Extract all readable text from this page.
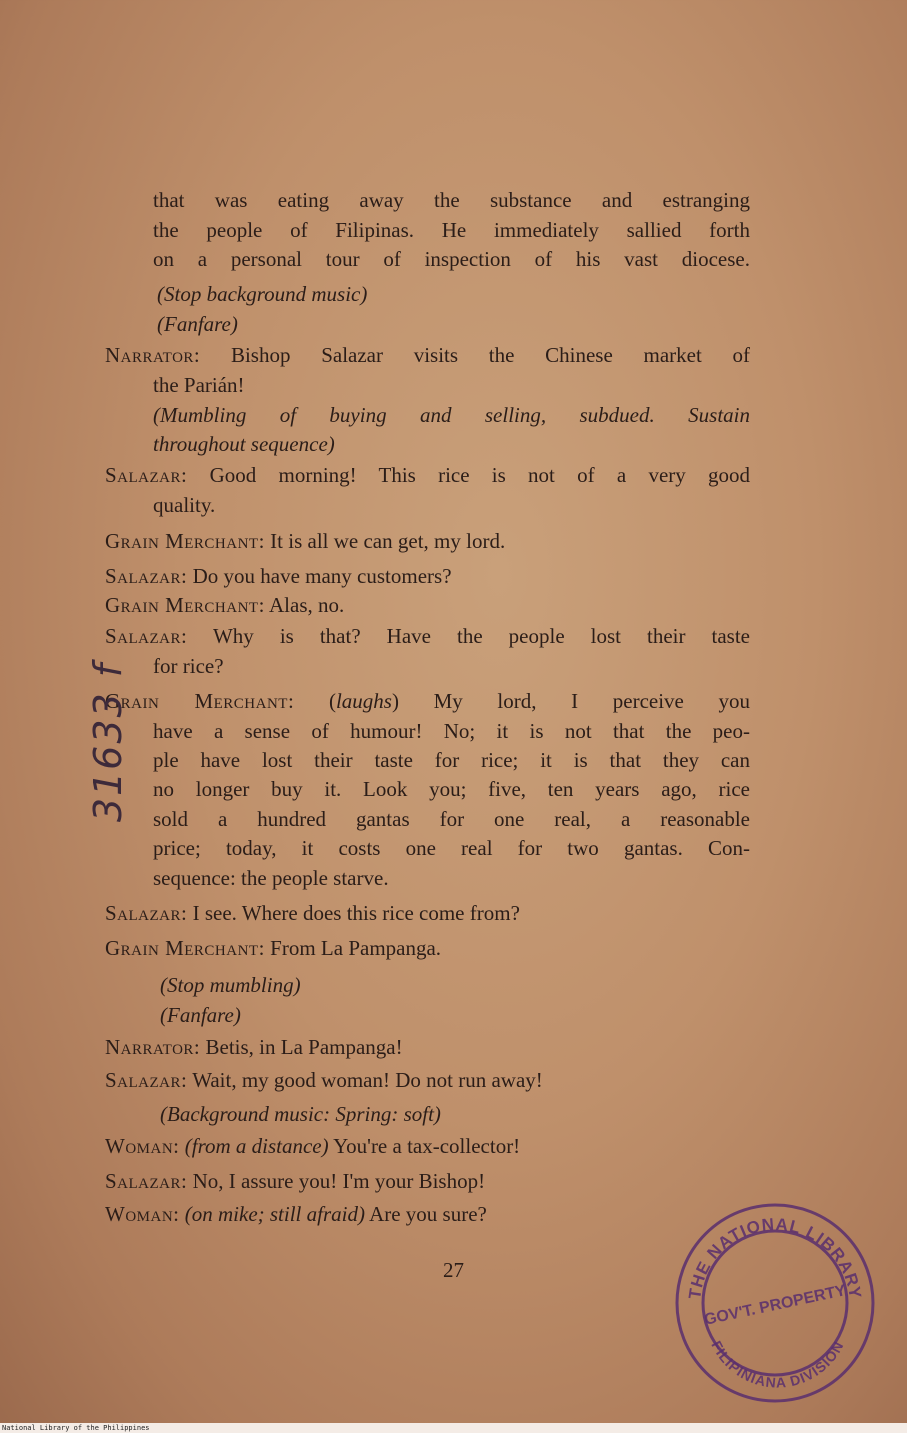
that was eating away the substance and estranging
the people of Filipinas. He immediately sallied forth
on a personal tour of inspection of his vast diocese.
(Stop background music)
(Fanfare)
Narrator: Bishop Salazar visits the Chinese market of
the Parián!
(Mumbling of buying and selling, subdued. Sustain
throughout sequence)
Salazar: Good morning! This rice is not of a very good
quality.
Grain Merchant: It is all we can get, my lord.
Salazar: Do you have many customers?
Grain Merchant: Alas, no.
Salazar: Why is that? Have the people lost their taste
for rice?
Grain Merchant: (laughs) My lord, I perceive you
have a sense of humour! No; it is not that the peo-
ple have lost their taste for rice; it is that they can
no longer buy it. Look you; five, ten years ago, rice
sold a hundred gantas for one real, a reasonable
price; today, it costs one real for two gantas. Con-
sequence: the people starve.
Salazar: I see. Where does this rice come from?
Grain Merchant: From La Pampanga.
(Stop mumbling)
(Fanfare)
Narrator: Betis, in La Pampanga!
Salazar: Wait, my good woman! Do not run away!
(Background music: Spring: soft)
Woman: (from a distance) You're a tax-collector!
Salazar: No, I assure you! I'm your Bishop!
Woman: (on mike; still afraid) Are you sure?
31633 f
27
THE NATIONAL LIBRARY
FILIPINIANA DIVISION
GOV'T. PROPERTY
National Library of the Philippines
